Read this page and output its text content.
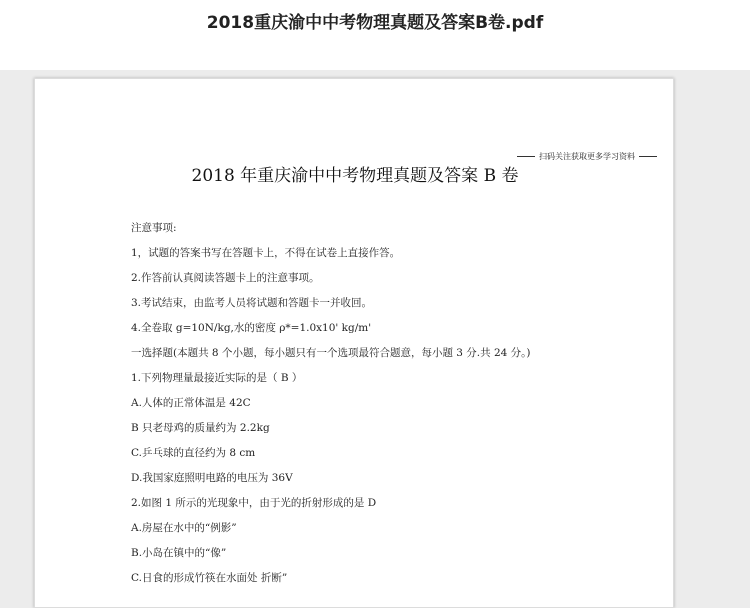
2018重庆渝中中考物理真题及答案B卷.pdf
扫码关注获取更多学习资料
2018 年重庆渝中中考物理真题及答案 B 卷
注意事项:
1，试题的答案书写在答题卡上，不得在试卷上直接作答。
2.作答前认真阅读答题卡上的注意事项。
3.考试结束，由监考人员将试题和答题卡一并收回。
4.全卷取 g=10N/kg,水的密度 ρ*=1.0x10' kg/m'
一选择题(本题共 8 个小题，每小题只有一个选项最符合题意，每小题 3 分.共 24 分。)
1.下列物理量最接近实际的是（ B ）
A.人体的正常体温是 42C
B 只老母鸡的质量约为 2.2kg
C.乒乓球的直径约为 8 cm
D.我国家庭照明电路的电压为 36V
2.如图 1 所示的光现象中，由于光的折射形成的是 D
A.房屋在水中的“例影”
B.小岛在镇中的“像”
C.日食的形成竹筷在水面处 折断”
